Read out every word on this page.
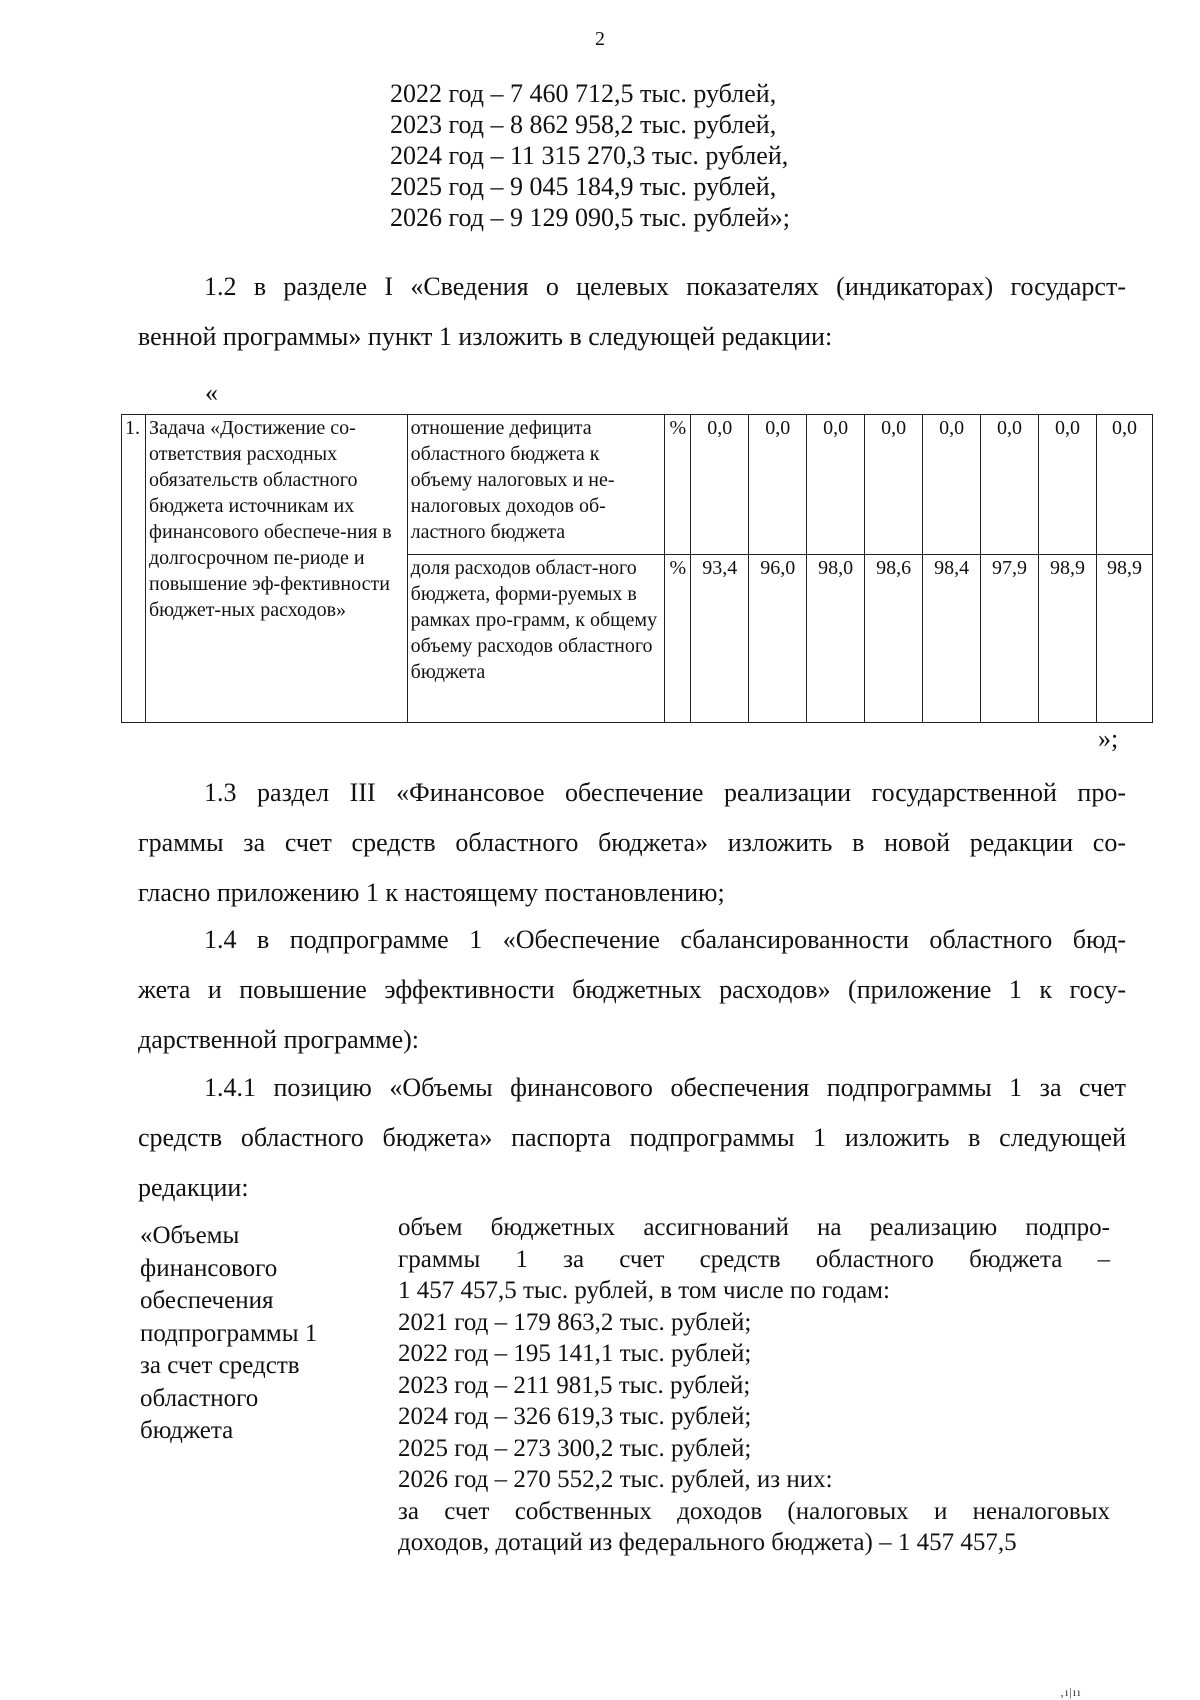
2
2022 год – 7 460 712,5 тыс. рублей,
2023 год – 8 862 958,2 тыс. рублей,
2024 год – 11 315 270,3 тыс. рублей,
2025 год – 9 045 184,9 тыс. рублей,
2026 год – 9 129 090,5 тыс. рублей»;

1.2 в разделе I «Сведения о целевых показателях (индикаторах) государст-

венной программы» пункт 1 изложить в следующей редакции:

«
1.	Задача «Достижение со-ответствия расходных обязательств областного бюджета источникам их финансового обеспече-ния в долгосрочном пе-риоде и повышение эф-фективности бюджет-ных расходов»	отношение дефицита областного бюджета к объему налоговых и не-налоговых доходов об-ластного бюджета	%	0,0	0,0	0,0	0,0	0,0	0,0	0,0	0,0
		доля расходов област-ного бюджета, форми-руемых в рамках про-грамм, к общему объему расходов областного бюджета	%	93,4	96,0	98,0	98,6	98,4	97,9	98,9	98,9
»;

1.3 раздел III «Финансовое обеспечение реализации государственной про-

граммы за счет средств областного бюджета» изложить в новой редакции со-

гласно приложению 1 к настоящему постановлению;

1.4 в подпрограмме 1 «Обеспечение сбалансированности областного бюд-

жета и повышение эффективности бюджетных расходов» (приложение 1 к госу-

дарственной программе):

1.4.1 позицию «Объемы финансового обеспечения подпрограммы 1 за счет

средств областного бюджета» паспорта подпрограммы 1 изложить в следующей

редакции:

«Объемы
финансового
обеспечения
подпрограммы 1
за счет средств
областного
бюджета
объем бюджетных ассигнований на реализацию подпро-
граммы 1 за счет средств областного бюджета –
1 457 457,5 тыс. рублей, в том числе по годам:
2021 год – 179 863,2 тыс. рублей;
2022 год – 195 141,1 тыс. рублей;
2023 год – 211 981,5 тыс. рублей;
2024 год – 326 619,3 тыс. рублей;
2025 год – 273 300,2 тыс. рублей;
2026 год – 270 552,2 тыс. рублей, из них:
за счет собственных доходов (налоговых и неналоговых
доходов, дотаций из федерального бюджета) – 1 457 457,5
‚ı|ıı
